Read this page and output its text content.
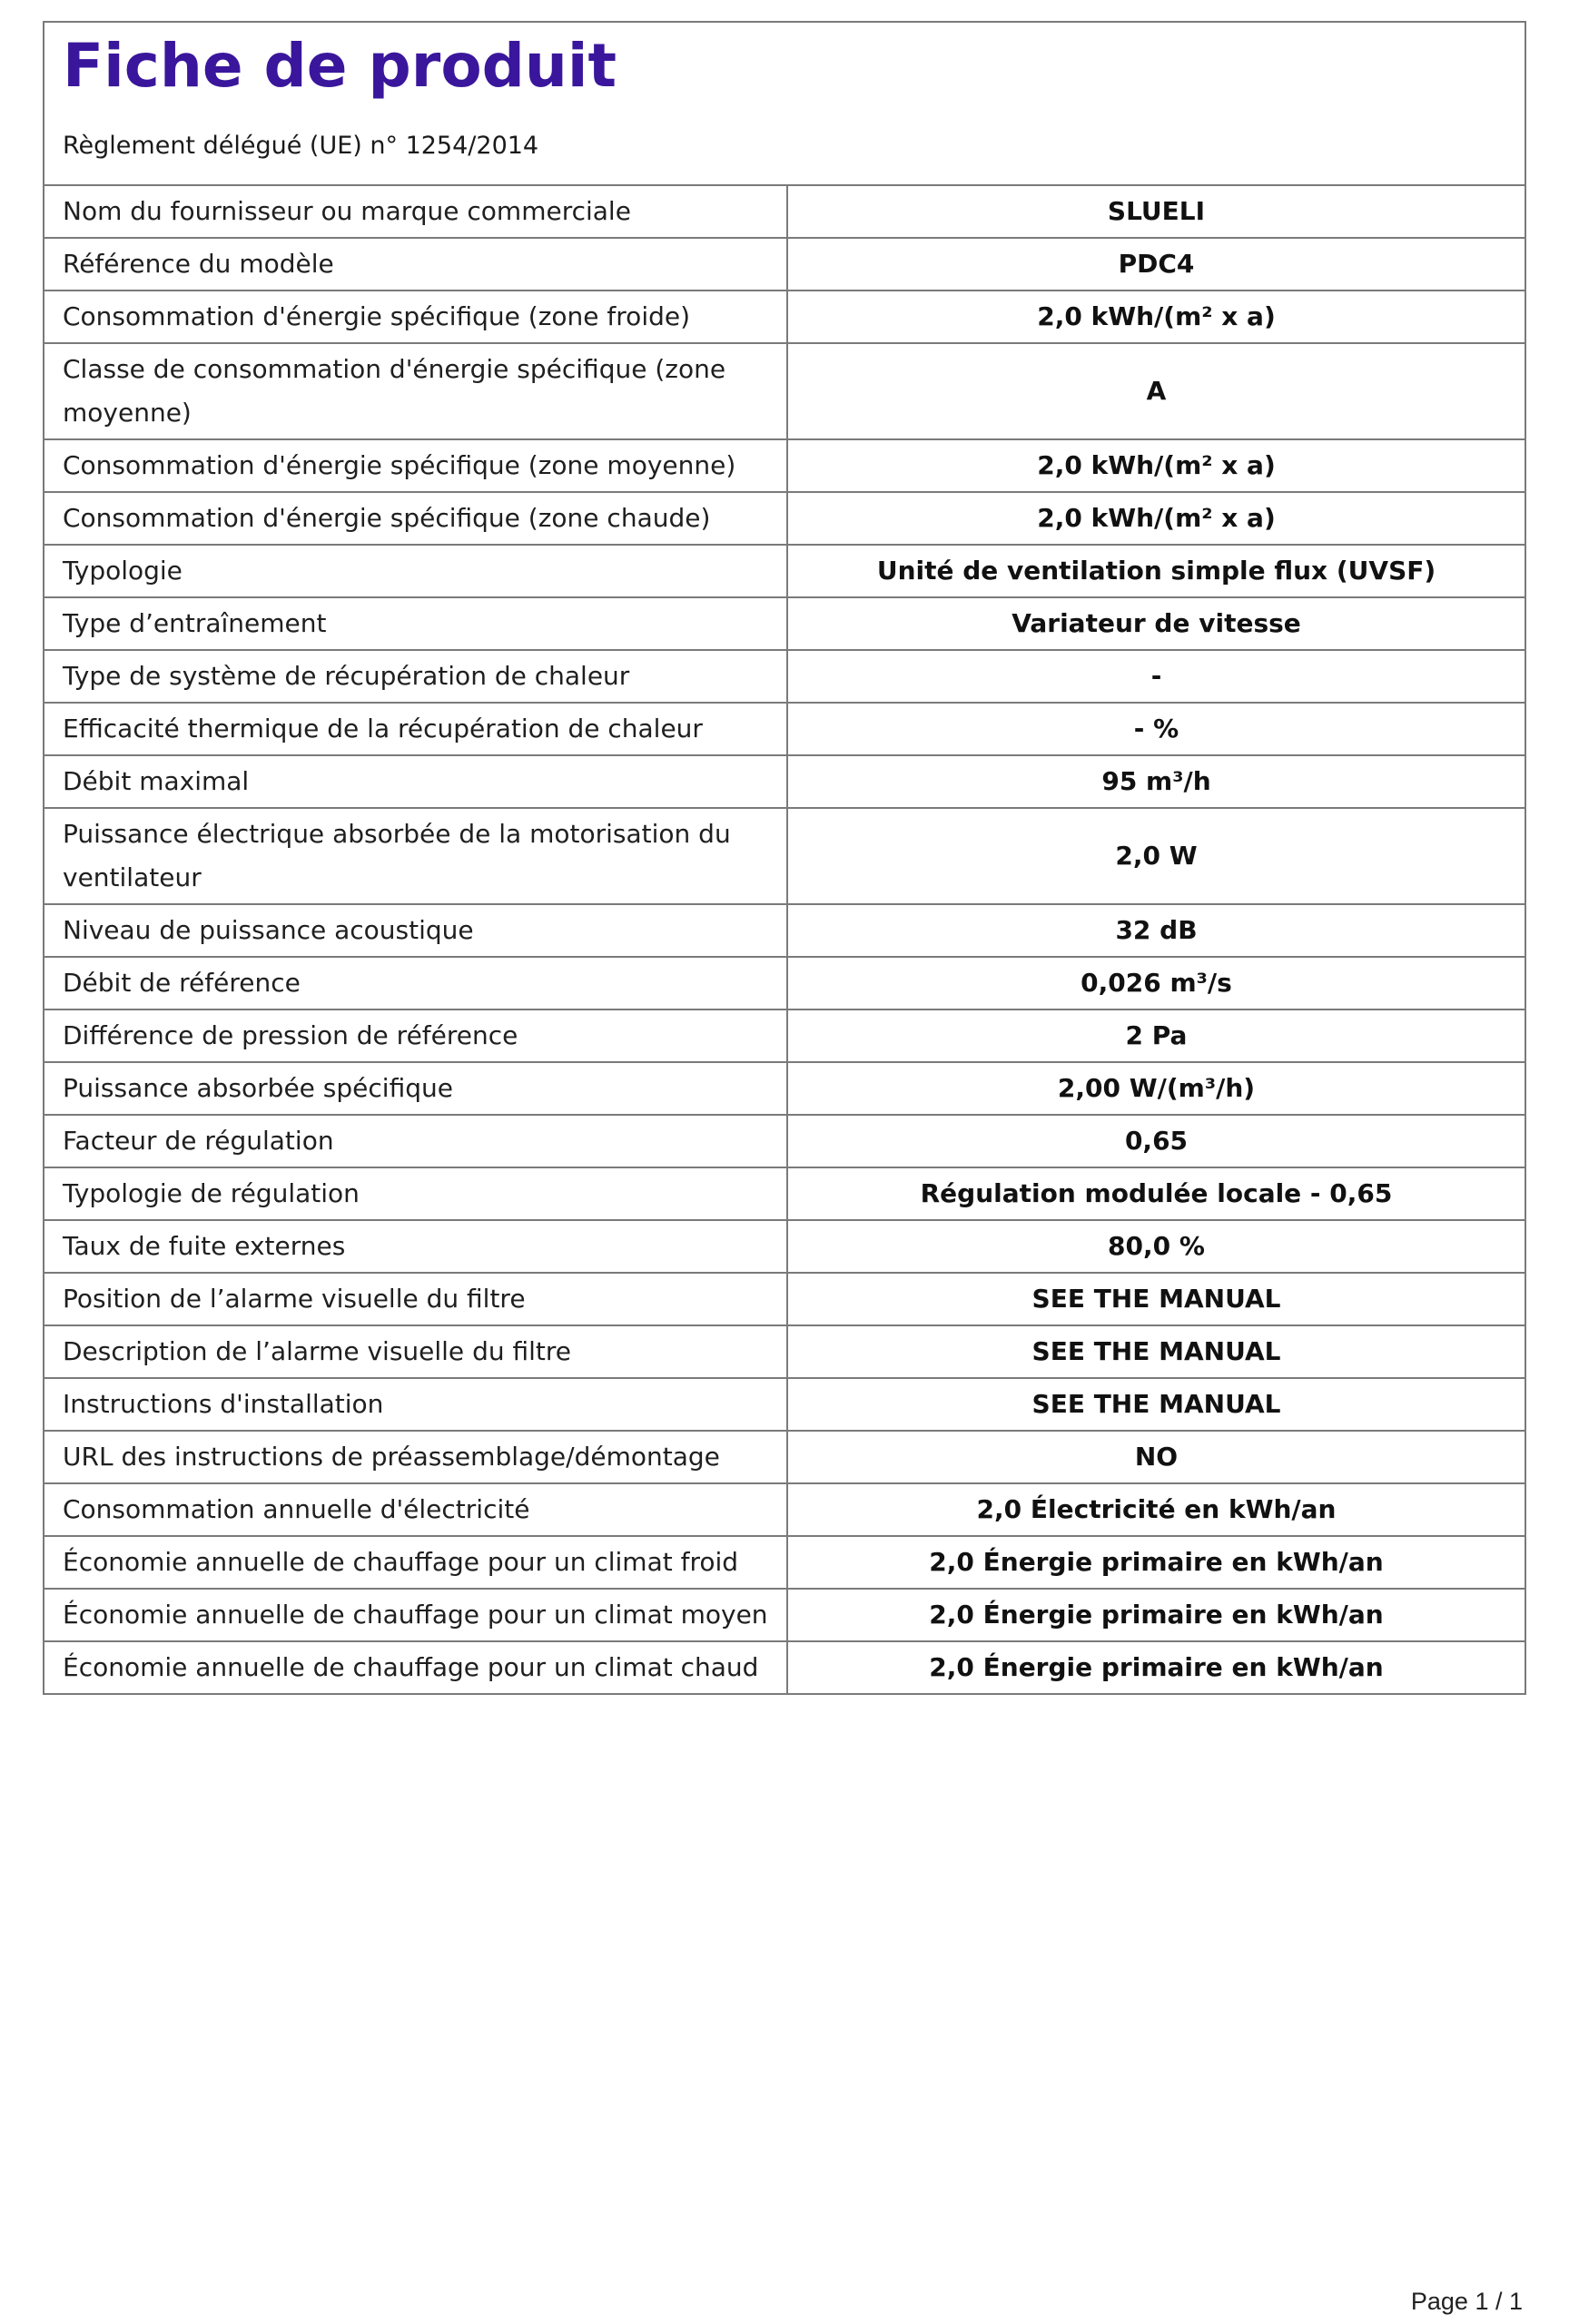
Fiche de produit

Règlement délégué (UE) n° 1254/2014

Nom du fournisseur ou marque commerciale	SLUELI
Référence du modèle	PDC4
Consommation d'énergie spécifique (zone froide)	2,0 kWh/(m² x a)
Classe de consommation d'énergie spécifique (zone moyenne)	A
Consommation d'énergie spécifique (zone moyenne)	2,0 kWh/(m² x a)
Consommation d'énergie spécifique (zone chaude)	2,0 kWh/(m² x a)
Typologie	Unité de ventilation simple flux (UVSF)
Type d’entraînement	Variateur de vitesse
Type de système de récupération de chaleur	-
Efficacité thermique de la récupération de chaleur	- %
Débit maximal	95 m³/h
Puissance électrique absorbée de la motorisation du ventilateur	2,0 W
Niveau de puissance acoustique	32 dB
Débit de référence	0,026 m³/s
Différence de pression de référence	2 Pa
Puissance absorbée spécifique	2,00 W/(m³/h)
Facteur de régulation	0,65
Typologie de régulation	Régulation modulée locale - 0,65
Taux de fuite externes	80,0 %
Position de l’alarme visuelle du filtre	SEE THE MANUAL
Description de l’alarme visuelle du filtre	SEE THE MANUAL
Instructions d'installation	SEE THE MANUAL
URL des instructions de préassemblage/démontage	NO
Consommation annuelle d'électricité	2,0 Électricité en kWh/an
Économie annuelle de chauffage pour un climat froid	2,0 Énergie primaire en kWh/an
Économie annuelle de chauffage pour un climat moyen	2,0 Énergie primaire en kWh/an
Économie annuelle de chauffage pour un climat chaud	2,0 Énergie primaire en kWh/an
Page 1 / 1
